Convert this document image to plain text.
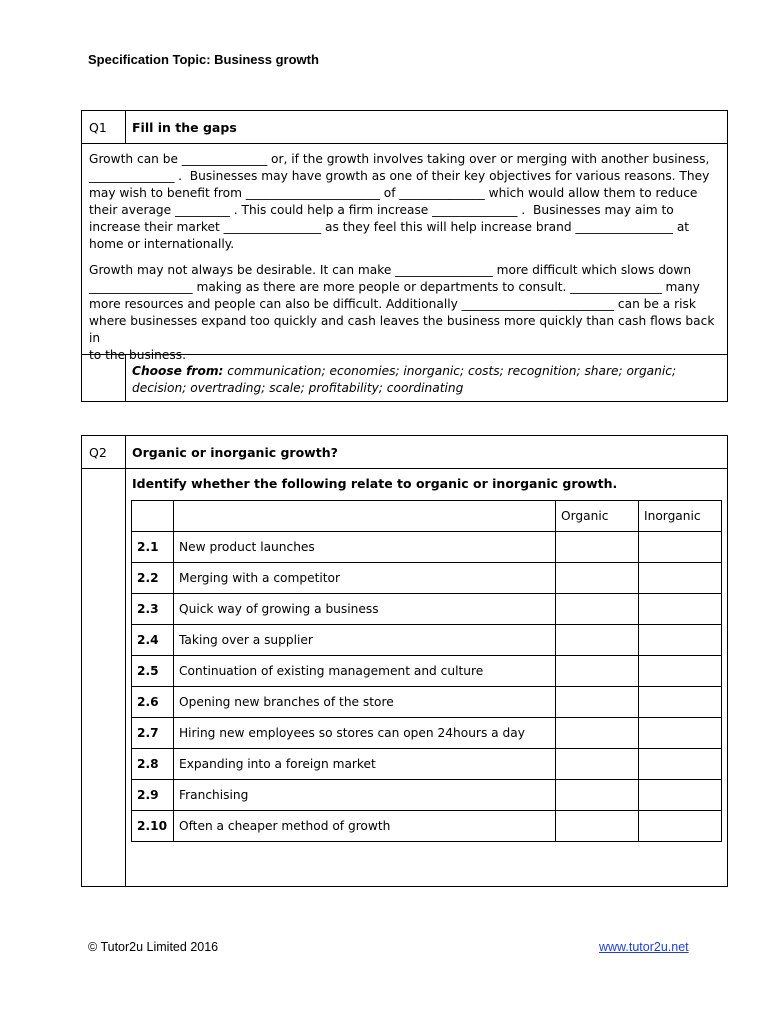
Specification Topic: Business growth
Q1 Fill in the gaps
Growth can be ______________ or, if the growth involves taking over or merging with another business,
______________ .  Businesses may have growth as one of their key objectives for various reasons. They
may wish to benefit from ______________________ of ______________ which would allow them to reduce
their average _________ . This could help a firm increase ______________ .  Businesses may aim to
increase their market ________________ as they feel this will help increase brand ________________ at
home or internationally.
Growth may not always be desirable. It can make ________________ more difficult which slows down
_________________ making as there are more people or departments to consult. _______________ many
more resources and people can also be difficult. Additionally _________________________ can be a risk
where businesses expand too quickly and cash leaves the business more quickly than cash flows back in
to the business.
Choose from: communication; economies; inorganic; costs; recognition; share; organic; decision; overtrading; scale; profitability; coordinating
Q2 Organic or inorganic growth?
Identify whether the following relate to organic or inorganic growth.
		Organic	Inorganic
2.1	New product launches		
2.2	Merging with a competitor		
2.3	Quick way of growing a business		
2.4	Taking over a supplier		
2.5	Continuation of existing management and culture		
2.6	Opening new branches of the store		
2.7	Hiring new employees so stores can open 24hours a day		
2.8	Expanding into a foreign market		
2.9	Franchising		
2.10	Often a cheaper method of growth		
© Tutor2u Limited 2016	www.tutor2u.net
